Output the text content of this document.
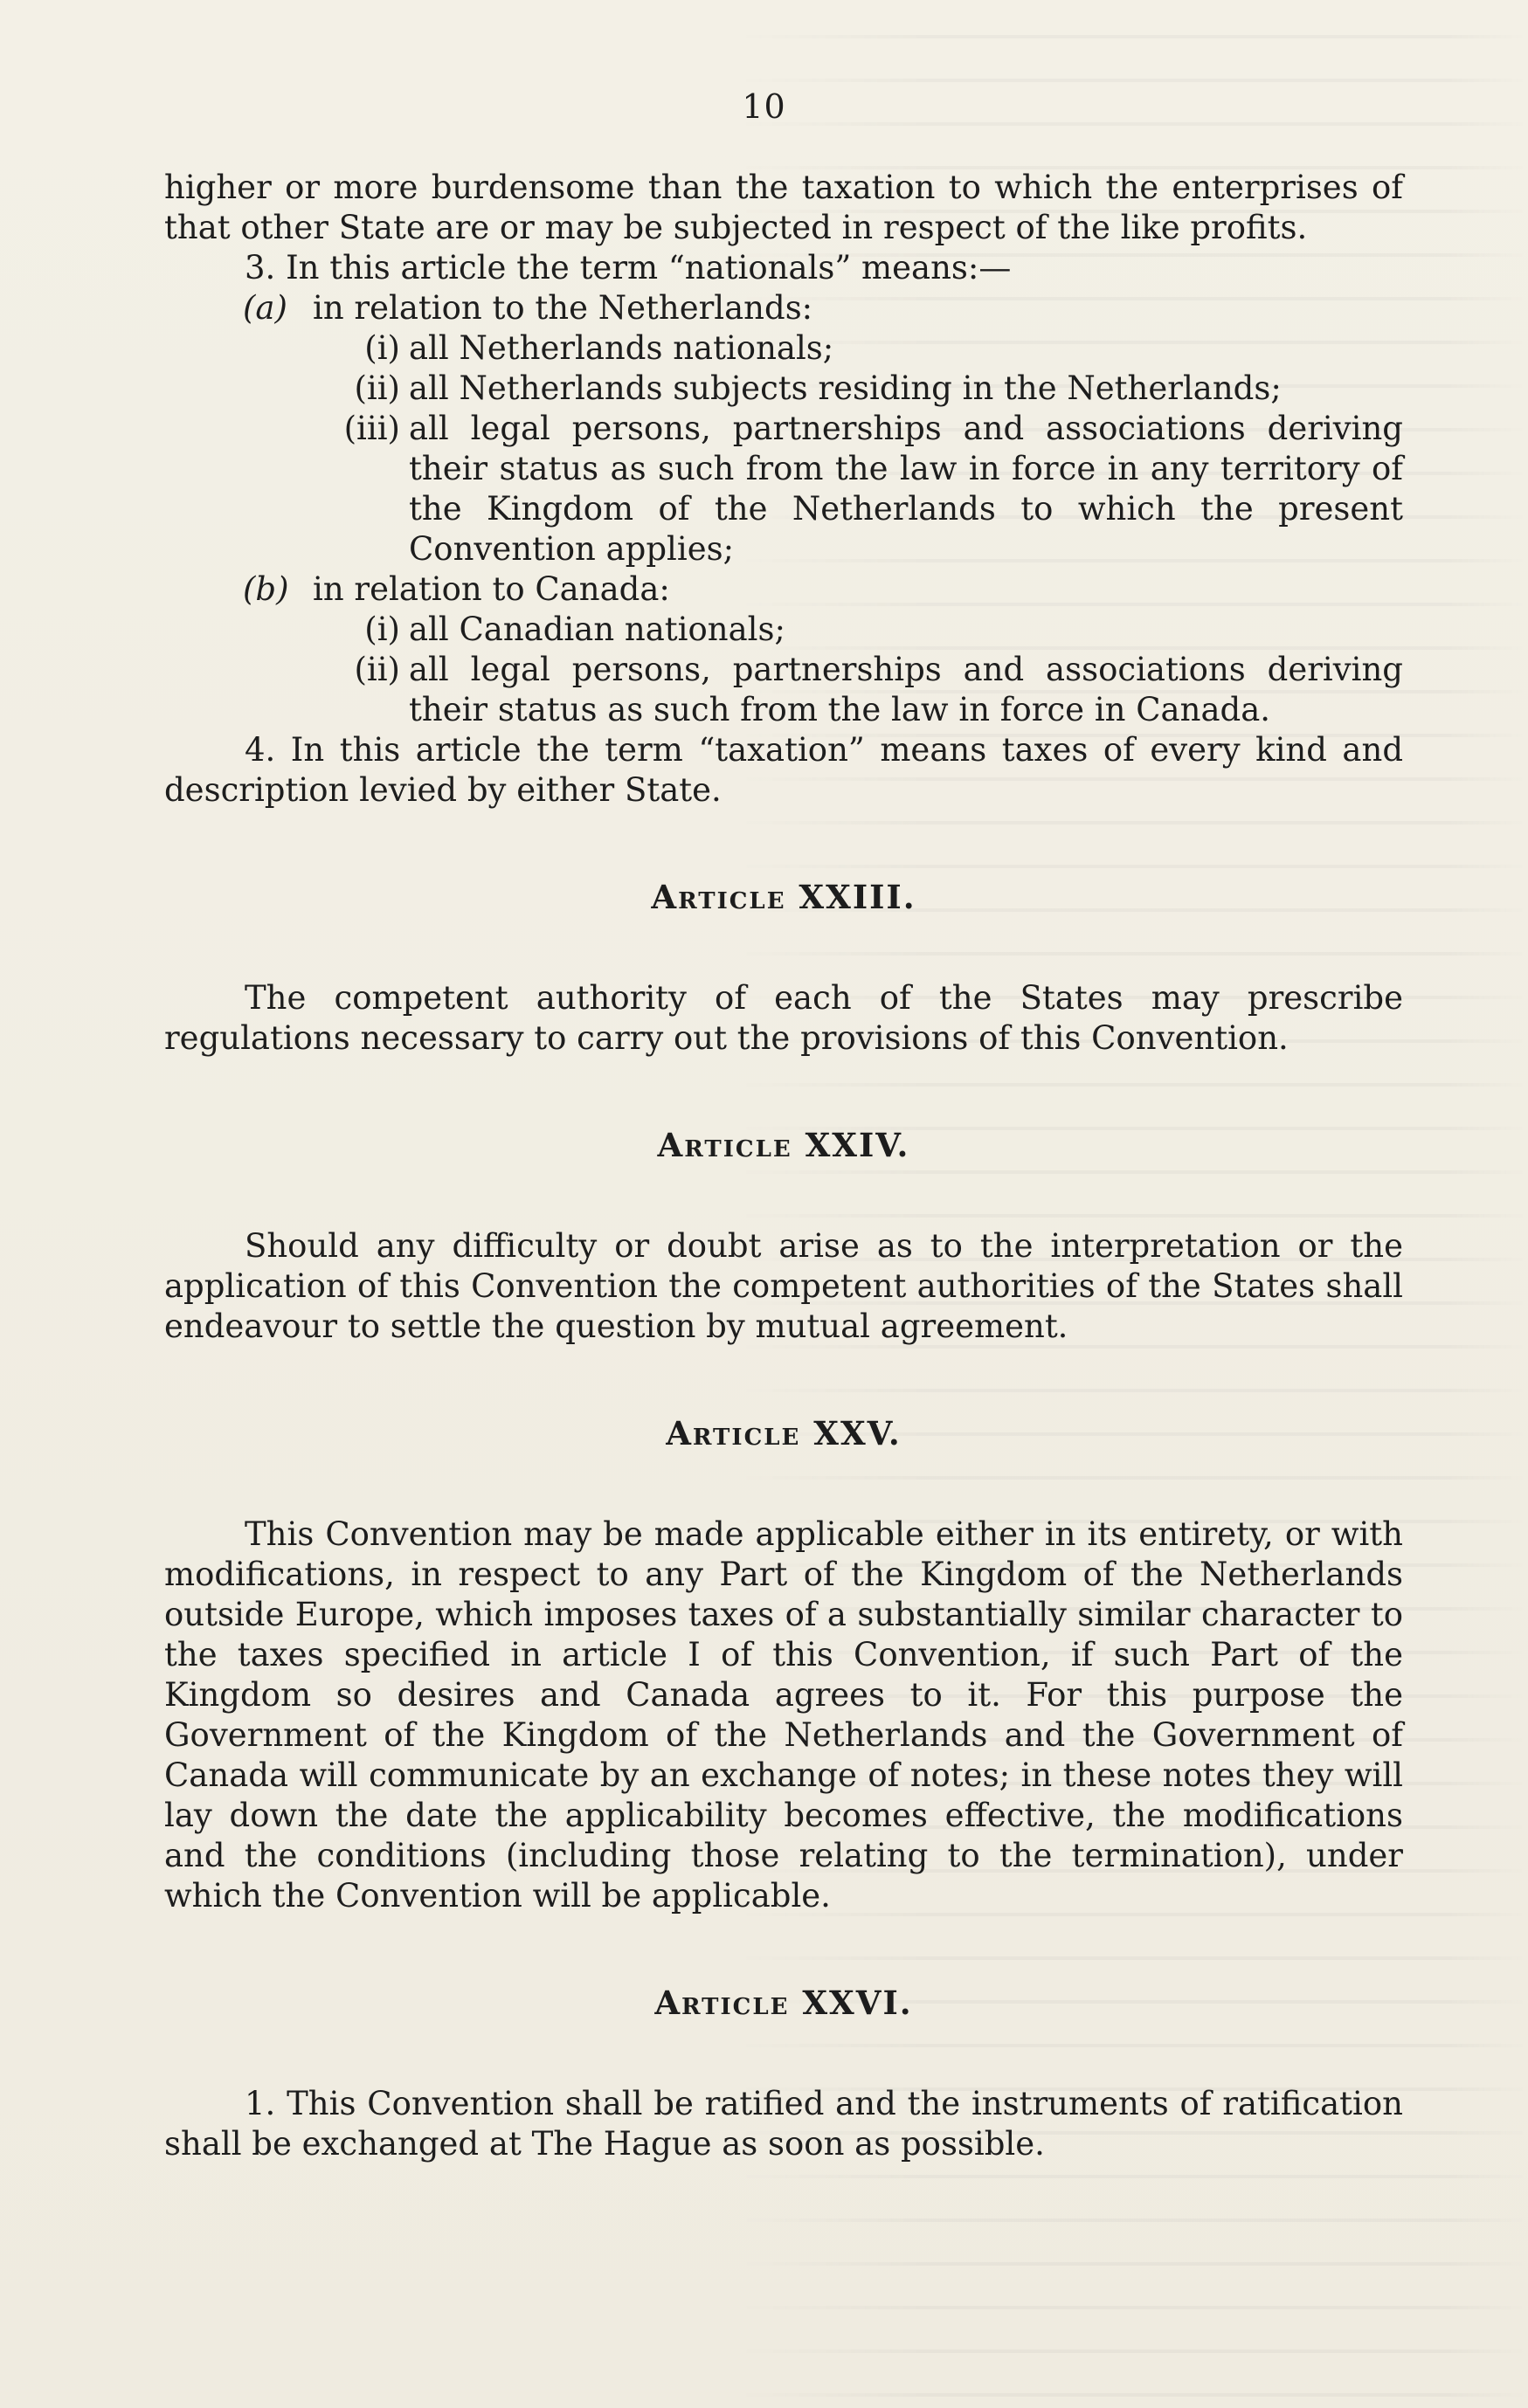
10

higher or more burdensome than the taxation to which the enterprises of that other State are or may be subjected in respect of the like profits.

3. In this article the term “nationals” means:—

(a) in relation to the Netherlands:
(i) all Netherlands nationals;
(ii) all Netherlands subjects residing in the Netherlands;
(iii) all legal persons, partnerships and associations deriving their status as such from the law in force in any territory of the Kingdom of the Netherlands to which the present Convention applies;
(b) in relation to Canada:
(i) all Canadian nationals;
(ii) all legal persons, partnerships and associations deriving their status as such from the law in force in Canada.

4. In this article the term “taxation” means taxes of every kind and description levied by either State.

Article XXIII.

The competent authority of each of the States may prescribe regulations necessary to carry out the provisions of this Convention.

Article XXIV.

Should any difficulty or doubt arise as to the interpretation or the application of this Convention the competent authorities of the States shall endeavour to settle the question by mutual agreement.

Article XXV.

This Convention may be made applicable either in its entirety, or with modifications, in respect to any Part of the Kingdom of the Netherlands outside Europe, which imposes taxes of a substantially similar character to the taxes specified in article I of this Convention, if such Part of the Kingdom so desires and Canada agrees to it. For this purpose the Government of the Kingdom of the Netherlands and the Government of Canada will communicate by an exchange of notes; in these notes they will lay down the date the applicability becomes effective, the modifications and the conditions (including those relating to the termination), under which the Convention will be applicable.

Article XXVI.

1. This Convention shall be ratified and the instruments of ratification shall be exchanged at The Hague as soon as possible.
